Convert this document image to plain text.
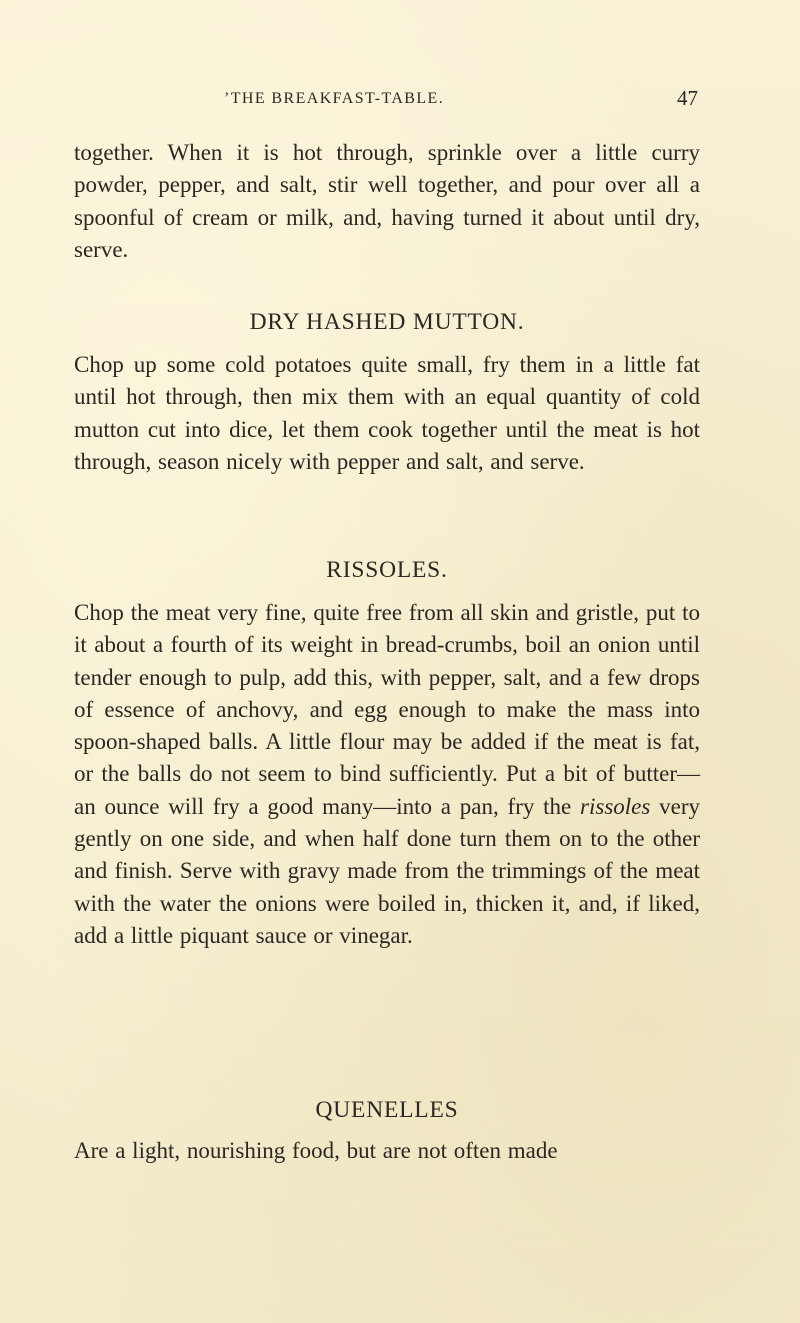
’THE BREAKFAST-TABLE.	47

together. When it is hot through, sprinkle over a little curry powder, pepper, and salt, stir well together, and pour over all a spoonful of cream or milk, and, having turned it about until dry, serve.

DRY HASHED MUTTON.

Chop up some cold potatoes quite small, fry them in a little fat until hot through, then mix them with an equal quantity of cold mutton cut into dice, let them cook together until the meat is hot through, season nicely with pepper and salt, and serve.

RISSOLES.

Chop the meat very fine, quite free from all skin and gristle, put to it about a fourth of its weight in bread-crumbs, boil an onion until tender enough to pulp, add this, with pepper, salt, and a few drops of essence of anchovy, and egg enough to make the mass into spoon-shaped balls. A little flour may be added if the meat is fat, or the balls do not seem to bind sufficiently. Put a bit of butter—an ounce will fry a good many—into a pan, fry the rissoles very gently on one side, and when half done turn them on to the other and finish. Serve with gravy made from the trimmings of the meat with the water the onions were boiled in, thicken it, and, if liked, add a little piquant sauce or vinegar.

QUENELLES

Are a light, nourishing food, but are not often made
